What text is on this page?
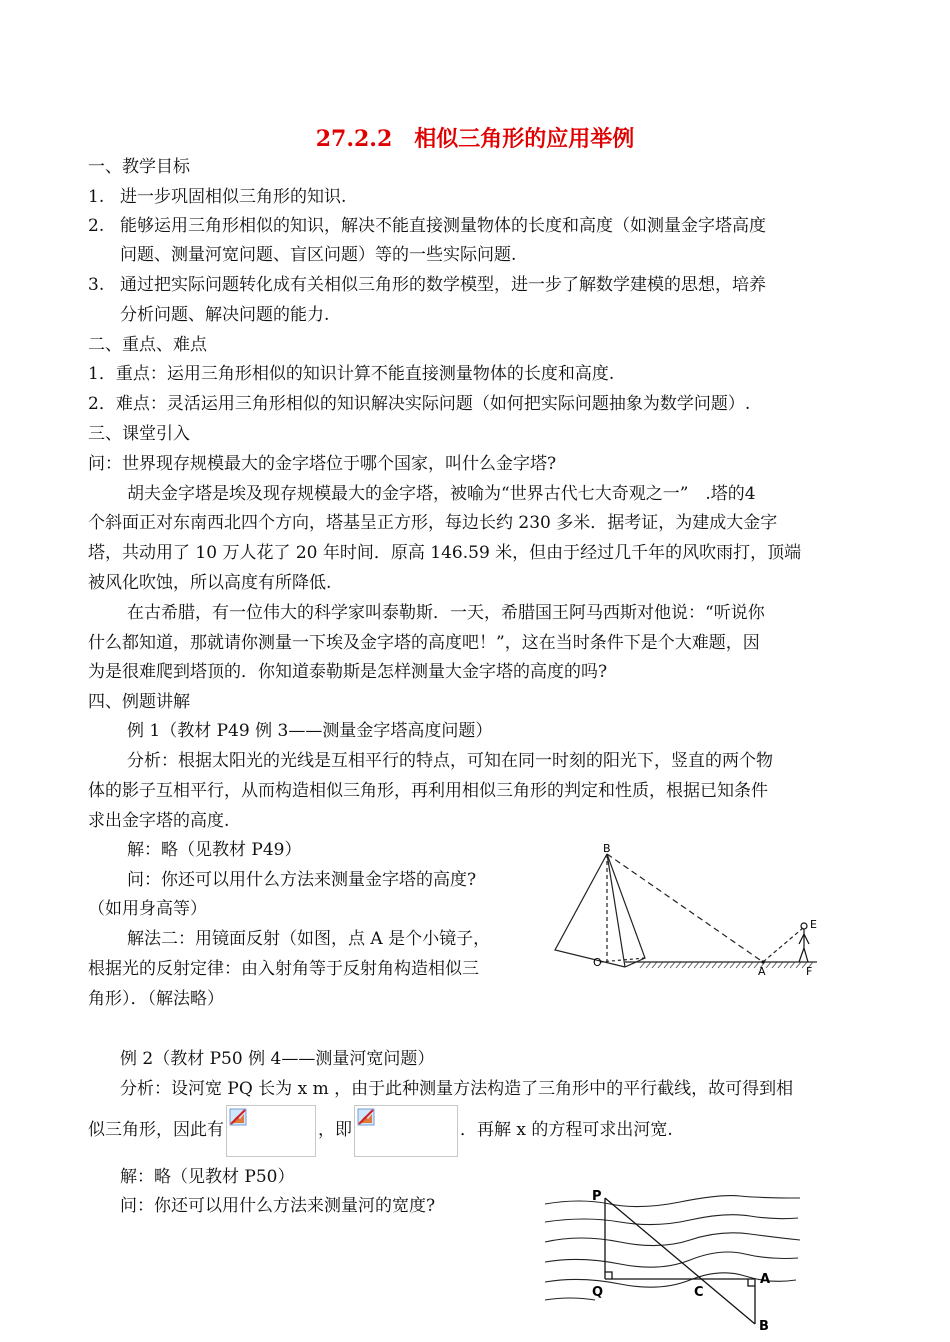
27.2.2　相似三角形的应用举例
一、教学目标
1. 进一步巩固相似三角形的知识.
2. 能够运用三角形相似的知识，解决不能直接测量物体的长度和高度（如测量金字塔高度
问题、测量河宽问题、盲区问题）等的一些实际问题.
3. 通过把实际问题转化成有关相似三角形的数学模型，进一步了解数学建模的思想，培养
分析问题、解决问题的能力.
二、重点、难点
1．重点：运用三角形相似的知识计算不能直接测量物体的长度和高度.
2．难点：灵活运用三角形相似的知识解决实际问题（如何把实际问题抽象为数学问题）.
三、课堂引入
问：世界现存规模最大的金字塔位于哪个国家，叫什么金字塔?
胡夫金字塔是埃及现存规模最大的金字塔，被喻为“世界古代七大奇观之一”　.塔的4
个斜面正对东南西北四个方向，塔基呈正方形，每边长约 230 多米．据考证，为建成大金字
塔，共动用了 10 万人花了 20 年时间．原高 146.59 米，但由于经过几千年的风吹雨打，顶端
被风化吹蚀，所以高度有所降低.
在古希腊，有一位伟大的科学家叫泰勒斯．一天，希腊国王阿马西斯对他说：“听说你
什么都知道，那就请你测量一下埃及金字塔的高度吧！”，这在当时条件下是个大难题，因
为是很难爬到塔顶的．你知道泰勒斯是怎样测量大金字塔的高度的吗?
四、例题讲解
例 1（教材 P49 例 3——测量金字塔高度问题）
分析：根据太阳光的光线是互相平行的特点，可知在同一时刻的阳光下，竖直的两个物
体的影子互相平行，从而构造相似三角形，再利用相似三角形的判定和性质，根据已知条件
求出金字塔的高度.
解：略（见教材 P49）
问：你还可以用什么方法来测量金字塔的高度?
（如用身高等）
解法二：用镜面反射（如图，点 A 是个小镜子，
根据光的反射定律：由入射角等于反射角构造相似三
角形）．（解法略）
B
O
A
E
F
例 2（教材 P50 例 4——测量河宽问题）
分析：设河宽 PQ 长为 x m ，由于此种测量方法构造了三角形中的平行截线，故可得到相
似三角形，因此有	，即	．再解 x 的方程可求出河宽.
解：略（见教材 P50）
问：你还可以用什么方法来测量河的宽度?	P
Q	C
A
B
